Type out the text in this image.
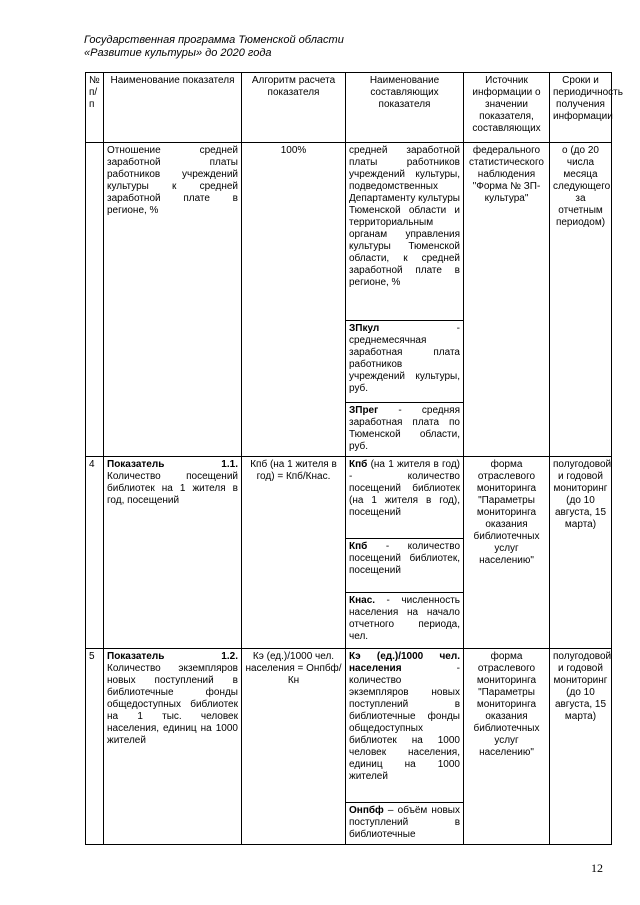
Государственная программа Тюменской области
«Развитие культуры» до 2020 года
№ п/п	Наименование показателя	Алгоритм расчета показателя	Наименование составляющих показателя	Источник информации о значении показателя, составляющих	Сроки и периодичность получения информации
	Отношение средней заработной платы работников учреждений культуры к средней заработной плате в регионе, %	100%	средней заработной платы работников учреждений культуры, подведомственных Департаменту культуры Тюменской области и территориальным органам управления культуры Тюменской области, к средней заработной плате в регионе, %	федерального статистического наблюдения "Форма № ЗП-культура"	о (до 20 числа месяца следующего за отчетным периодом)
			ЗПкул - среднемесячная заработная плата работников учреждений культуры, руб.		
			ЗПрег - средняя заработная плата по Тюменской области, руб.		
4	Показатель 1.1. Количество посещений библиотек на 1 жителя в год, посещений	Кпб (на 1 жителя в год) = Кпб/Кнас.	Кпб (на 1 жителя в год) - количество посещений библиотек (на 1 жителя в год), посещений	форма отраслевого мониторинга "Параметры мониторинга оказания библиотечных услуг населению"	полугодовой и годовой мониторинг (до 10 августа, 15 марта)
			Кпб - количество посещений библиотек, посещений		
			Кнас. - численность населения на начало отчетного периода, чел.		
5	Показатель 1.2. Количество экземпляров новых поступлений в библиотечные фонды общедоступных библиотек на 1 тыс. человек населения, единиц на 1000 жителей	Кэ (ед.)/1000 чел. населения = Онпбф/Кн	Кэ (ед.)/1000 чел. населения - количество экземпляров новых поступлений в библиотечные фонды общедоступных библиотек на 1000 человек населения, единиц на 1000 жителей	форма отраслевого мониторинга "Параметры мониторинга оказания библиотечных услуг населению"	полугодовой и годовой мониторинг (до 10 августа, 15 марта)
			Онпбф – объём новых поступлений в библиотечные		
12
